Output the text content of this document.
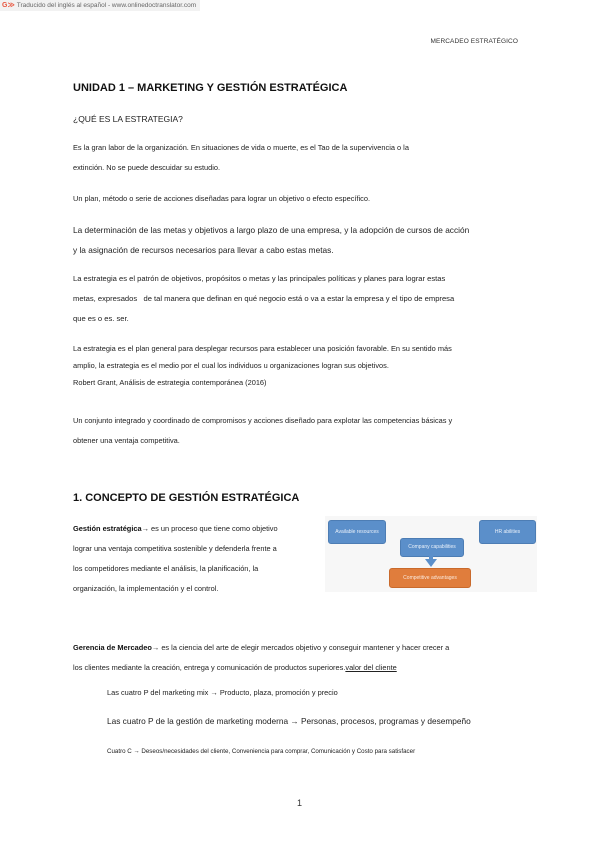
G≫ Traducido del inglés al español - www.onlinedoctranslator.com
MERCADEO ESTRATÉGICO
UNIDAD 1 – MARKETING Y GESTIÓN ESTRATÉGICA
¿QUÉ ES LA ESTRATEGIA?
Es la gran labor de la organización. En situaciones de vida o muerte, es el Tao de la supervivencia o la
extinción. No se puede descuidar su estudio.
Un plan, método o serie de acciones diseñadas para lograr un objetivo o efecto específico.
La determinación de las metas y objetivos a largo plazo de una empresa, y la adopción de cursos de acción
y la asignación de recursos necesarios para llevar a cabo estas metas.
La estrategia es el patrón de objetivos, propósitos o metas y las principales políticas y planes para lograr estas
metas, expresados   de tal manera que definan en qué negocio está o va a estar la empresa y el tipo de empresa
que es o es. ser.
La estrategia es el plan general para desplegar recursos para establecer una posición favorable. En su sentido más
amplio, la estrategia es el medio por el cual los individuos u organizaciones logran sus objetivos.
Robert Grant, Análisis de estrategia contemporánea (2016)
Un conjunto integrado y coordinado de compromisos y acciones diseñado para explotar las competencias básicas y
obtener una ventaja competitiva.
1. CONCEPTO DE GESTIÓN ESTRATÉGICA
Gestión estratégica→ es un proceso que tiene como objetivo
lograr una ventaja competitiva sostenible y defenderla frente a
los competidores mediante el análisis, la planificación, la
organización, la implementación y el control.
Available resources
Company capabilities
HR abilities
Competitive advantages
Gerencia de Mercadeo→ es la ciencia del arte de elegir mercados objetivo y conseguir mantener y hacer crecer a
los clientes mediante la creación, entrega y comunicación de productos superiores.valor del cliente
Las cuatro P del marketing mix → Producto, plaza, promoción y precio
Las cuatro P de la gestión de marketing moderna → Personas, procesos, programas y desempeño
Cuatro C → Deseos/necesidades del cliente, Conveniencia para comprar, Comunicación y Costo para satisfacer
1
